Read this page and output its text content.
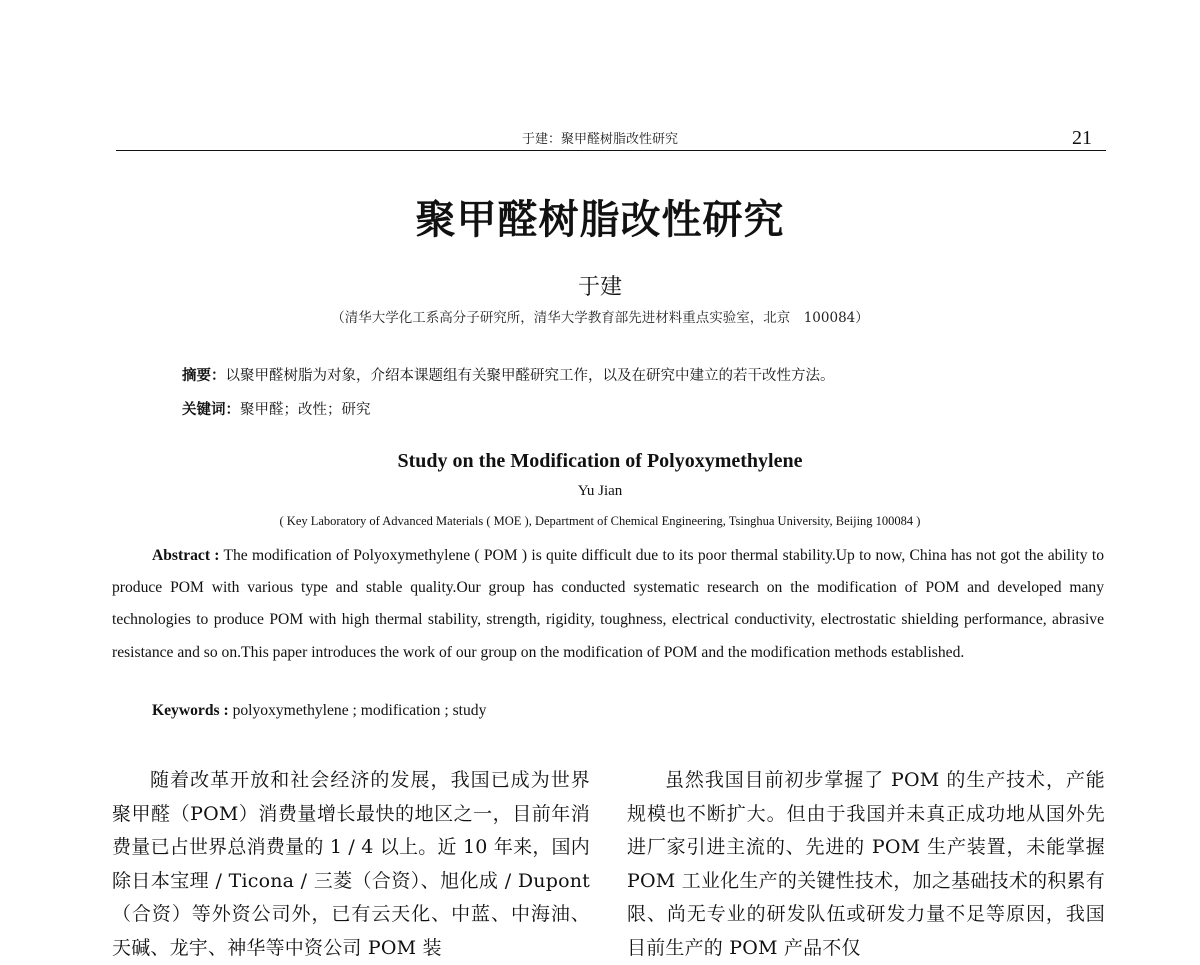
于建：聚甲醛树脂改性研究	21
聚甲醛树脂改性研究
于建
（清华大学化工系高分子研究所，清华大学教育部先进材料重点实验室，北京　100084）
摘要：以聚甲醛树脂为对象，介绍本课题组有关聚甲醛研究工作，以及在研究中建立的若干改性方法。
关键词：聚甲醛；改性；研究
Study on the Modification of Polyoxymethylene
Yu Jian
( Key Laboratory of Advanced Materials ( MOE ), Department of Chemical Engineering, Tsinghua University, Beijing 100084 )
Abstract : The modification of Polyoxymethylene ( POM ) is quite difficult due to its poor thermal stability.Up to now, China has not got the ability to produce POM with various type and stable quality.Our group has conducted systematic research on the modification of POM and developed many technologies to produce POM with high thermal stability, strength, rigidity, toughness, electrical conductivity, electrostatic shielding performance, abrasive resistance and so on.This paper introduces the work of our group on the modification of POM and the modification methods established.
Keywords : polyoxymethylene ; modification ; study
随着改革开放和社会经济的发展，我国已成为世界聚甲醛（POM）消费量增长最快的地区之一，目前年消费量已占世界总消费量的 1 / 4 以上。近 10 年来，国内除日本宝理 / Ticona / 三菱（合资）、旭化成 / Dupont（合资）等外资公司外，已有云天化、中蓝、中海油、天碱、龙宇、神华等中资公司 POM 装
虽然我国目前初步掌握了 POM 的生产技术，产能规模也不断扩大。但由于我国并未真正成功地从国外先进厂家引进主流的、先进的 POM 生产装置，未能掌握 POM 工业化生产的关键性技术，加之基础技术的积累有限、尚无专业的研发队伍或研发力量不足等原因，我国目前生产的 POM 产品不仅
